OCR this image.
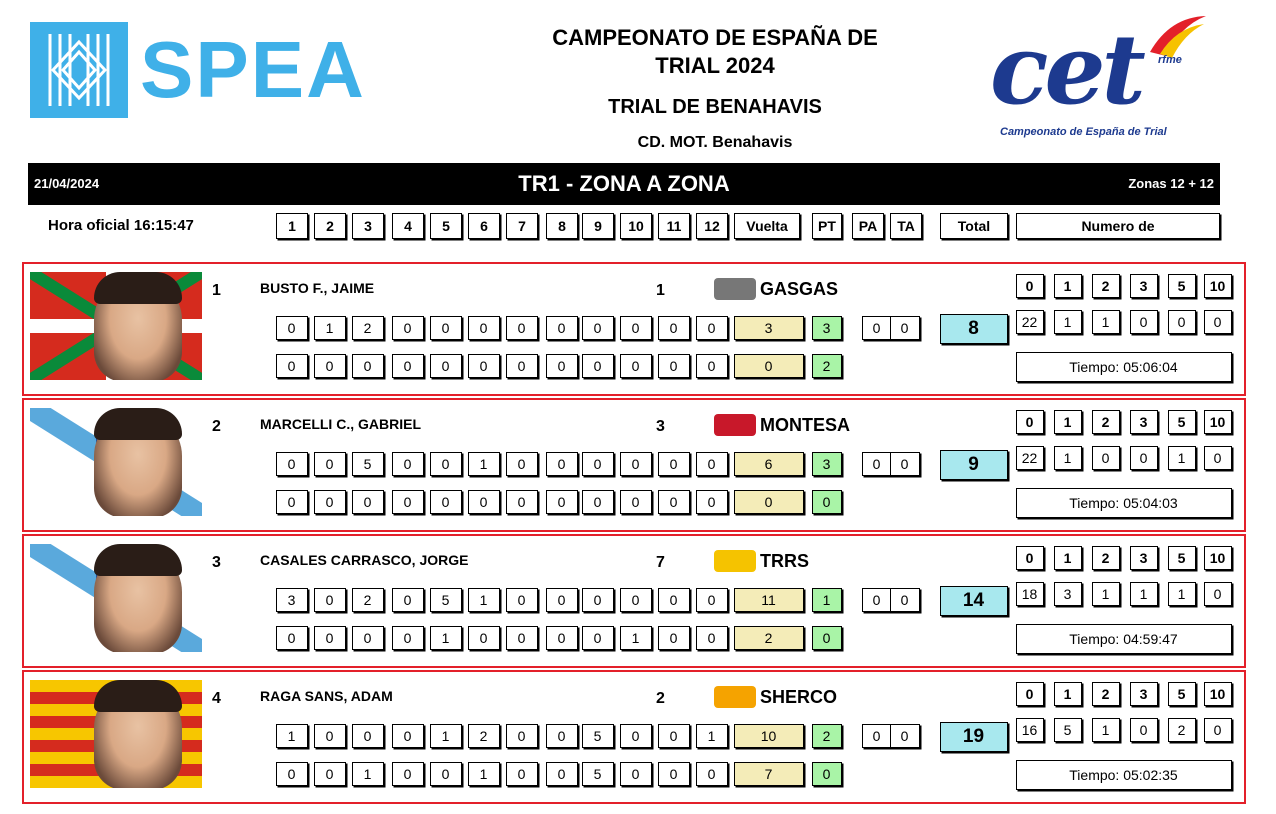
SPEA	CAMPEONATO DE ESPAÑA DE
TRIAL 2024
TRIAL DE BENAHAVIS
CD. MOT. Benahavis
cet rfme
Campeonato de España de Trial
21/04/2024	TR1 - ZONA A ZONA	Zonas 12 + 12
Hora oficial 16:15:47	1	2	3	4	5	6	7	8	9	10	11	12	Vuelta	PT	PA	TA	Total	Numero de
1	BUSTO F., JAIME	1	GASGAS
0	1	2	0	0	0	0	0	0	0	0	0	3	3	0	0
0	0	0	0	0	0	0	0	0	0	0	0	0	2
8
0	1	2	3	5	10
22	1	1	0	0	0
Tiempo: 05:06:04
2	MARCELLI C., GABRIEL	3	MONTESA
0	0	5	0	0	1	0	0	0	0	0	0	6	3	0	0
0	0	0	0	0	0	0	0	0	0	0	0	0	0
9
0	1	2	3	5	10
22	1	0	0	1	0
Tiempo: 05:04:03
3	CASALES CARRASCO, JORGE	7	TRRS
3	0	2	0	5	1	0	0	0	0	0	0	11	1	0	0
0	0	0	0	1	0	0	0	0	1	0	0	2	0
14
0	1	2	3	5	10
18	3	1	1	1	0
Tiempo: 04:59:47
4	RAGA SANS, ADAM	2	SHERCO
1	0	0	0	1	2	0	0	5	0	0	1	10	2	0	0
0	0	1	0	0	1	0	0	5	0	0	0	7	0
19
0	1	2	3	5	10
16	5	1	0	2	0
Tiempo: 05:02:35
